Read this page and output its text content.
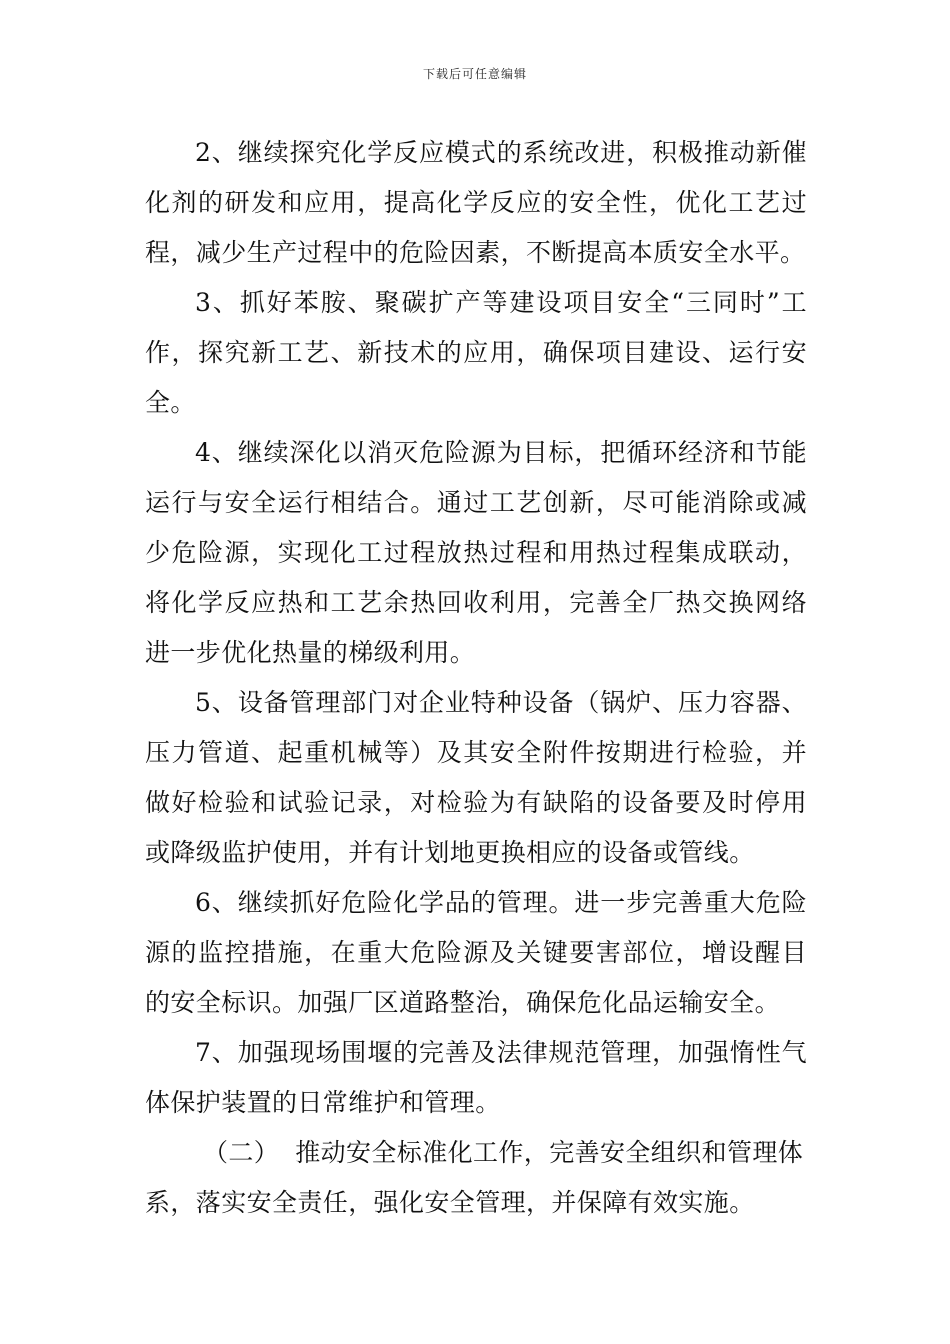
下载后可任意编辑
2、继续探究化学反应模式的系统改进，积极推动新催
化剂的研发和应用，提高化学反应的安全性，优化工艺过
程，减少生产过程中的危险因素，不断提高本质安全水平。
3、抓好苯胺、聚碳扩产等建设项目安全“三同时”工
作，探究新工艺、新技术的应用，确保项目建设、运行安
全。
4、继续深化以消灭危险源为目标，把循环经济和节能
运行与安全运行相结合。通过工艺创新，尽可能消除或减
少危险源，实现化工过程放热过程和用热过程集成联动，
将化学反应热和工艺余热回收利用，完善全厂热交换网络
进一步优化热量的梯级利用。
5、设备管理部门对企业特种设备（锅炉、压力容器、
压力管道、起重机械等）及其安全附件按期进行检验，并
做好检验和试验记录，对检验为有缺陷的设备要及时停用
或降级监护使用，并有计划地更换相应的设备或管线。
6、继续抓好危险化学品的管理。进一步完善重大危险
源的监控措施，在重大危险源及关键要害部位，增设醒目
的安全标识。加强厂区道路整治，确保危化品运输安全。
7、加强现场围堰的完善及法律规范管理，加强惰性气
体保护装置的日常维护和管理。
（二） 推动安全标准化工作，完善安全组织和管理体
系，落实安全责任，强化安全管理，并保障有效实施。
